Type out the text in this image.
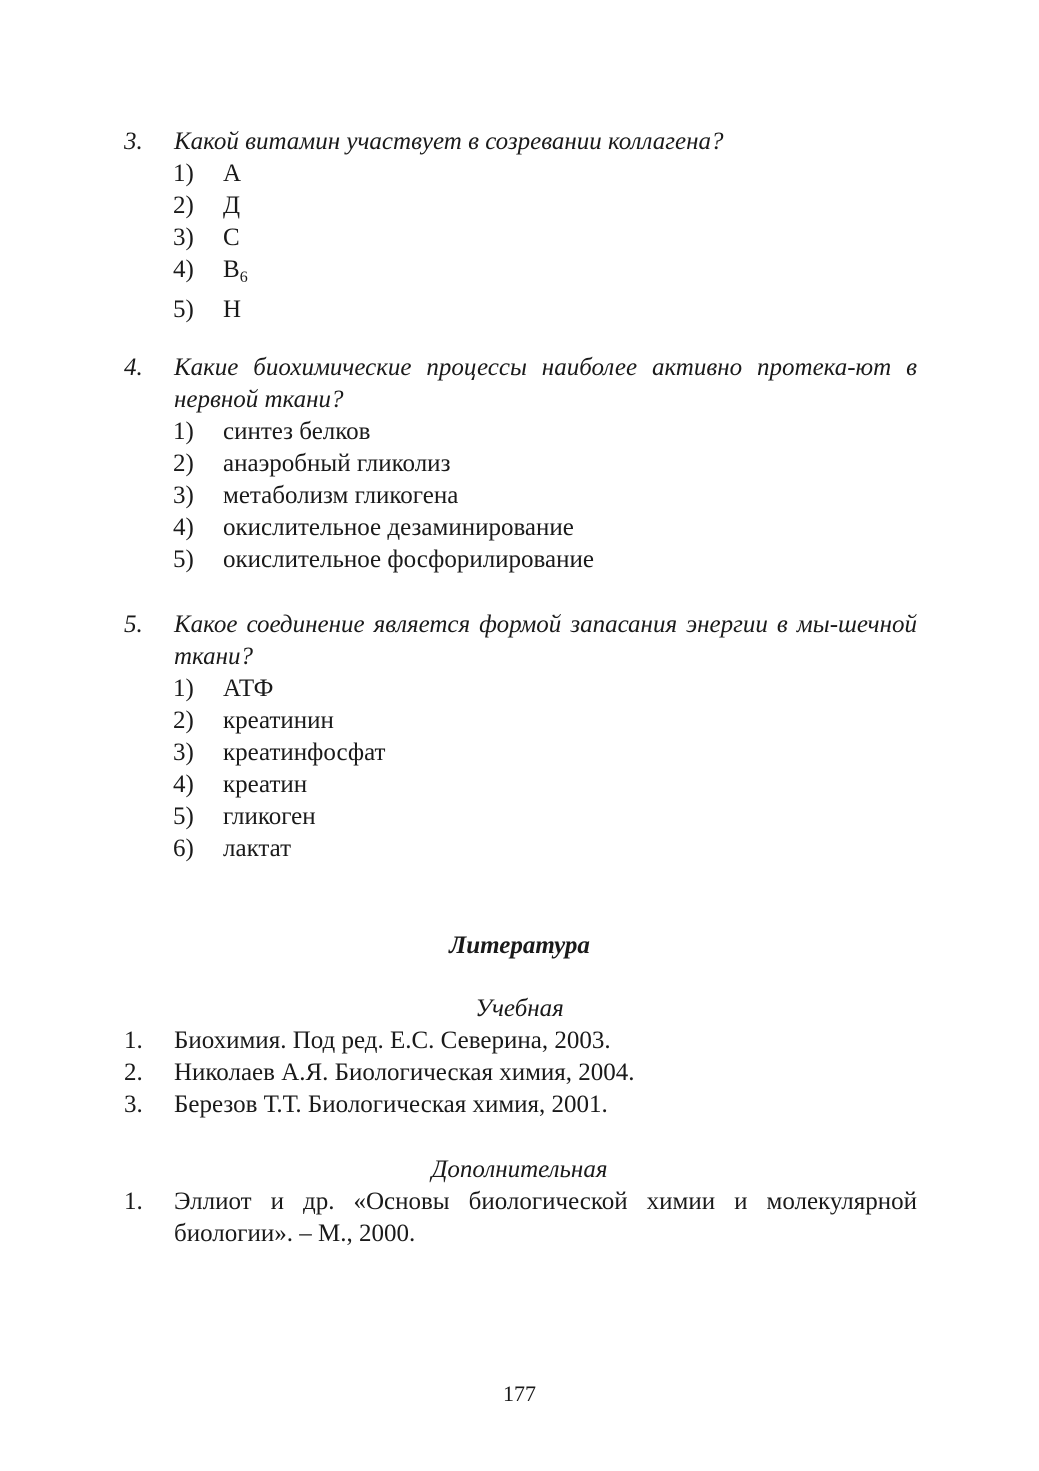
3. Какой витамин участвует в созревании коллагена?
1)	А
2)	Д
3)	С
4)	$В_6$
5)	Н
4. Какие биохимические процессы наиболее активно протека-ют в нервной ткани?
1)	синтез белков
2)	анаэробный гликолиз
3)	метаболизм гликогена
4)	окислительное дезаминирование
5)	окислительное фосфорилирование
5. Какое соединение является формой запасания энергии в мы-шечной ткани?
1)	АТФ
2)	креатинин
3)	креатинфосфат
4)	креатин
5)	гликоген
6)	лактат
Литература
Учебная
1. Биохимия. Под ред. Е.С. Северина, 2003.
2. Николаев А.Я. Биологическая химия, 2004.
3. Березов Т.Т. Биологическая химия, 2001.
Дополнительная
1. Эллиот и др. «Основы биологической химии и молекулярной биологии». – М., 2000.
177
